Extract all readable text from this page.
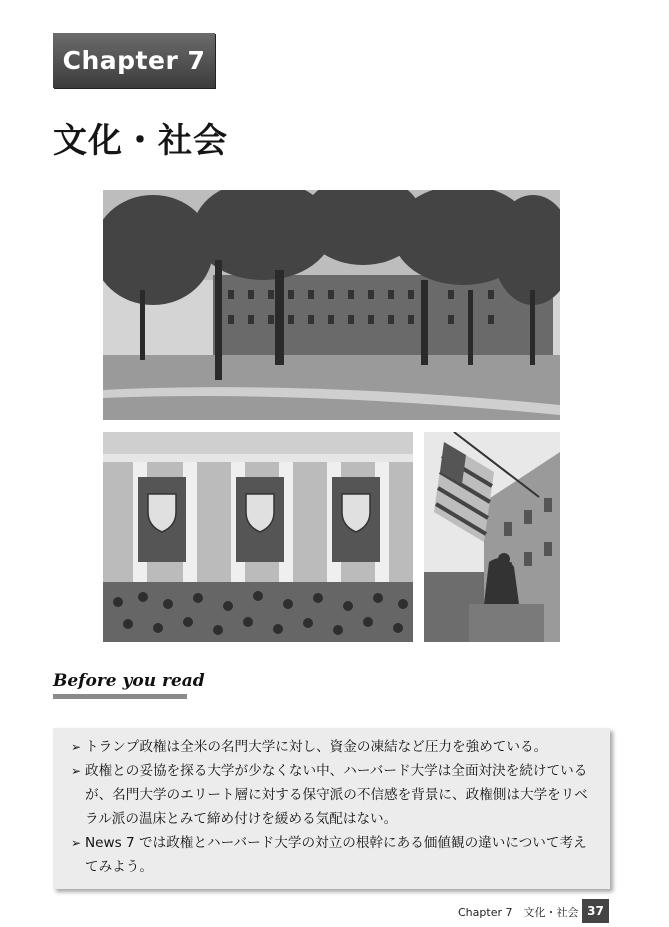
Chapter 7
文化・社会
Before you read
➢ トランプ政権は全米の名門大学に対し、資金の凍結など圧力を強めている。
➢ 政権との妥協を探る大学が少なくない中、ハーバード大学は全面対決を続けているが、名門大学のエリート層に対する保守派の不信感を背景に、政権側は大学をリベラル派の温床とみて締め付けを緩める気配はない。
➢ News 7 では政権とハーバード大学の対立の根幹にある価値観の違いについて考えてみよう。
Chapter 7　文化・社会 37
